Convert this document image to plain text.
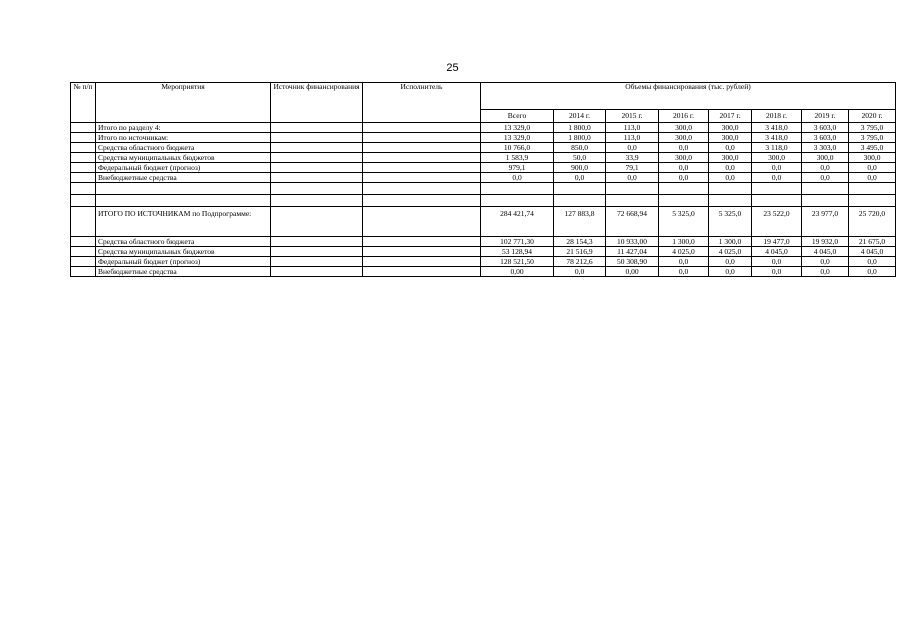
25
№ п/п	Мероприятия	Источник финансирования	Исполнитель	Объемы финансирования (тыс. рублей)							
				Всего	2014 г.	2015 г.	2016 г.	2017 г.	2018 г.	2019 г.	2020 г.
	Итого по разделу 4:			13 329,0	1 800,0	113,0	300,0	300,0	3 418,0	3 603,0	3 795,0
	Итого по источникам:			13 329,0	1 800,0	113,0	300,0	300,0	3 418,0	3 603,0	3 795,0
	Средства областного бюджета			10 766,0	850,0	0,0	0,0	0,0	3 118,0	3 303,0	3 495,0
	Средства муниципальных бюджетов			1 583,9	50,0	33,9	300,0	300,0	300,0	300,0	300,0
	Федеральный бюджет (прогноз)			979,1	900,0	79,1	0,0	0,0	0,0	0,0	0,0
	Внебюджетные средства			0,0	0,0	0,0	0,0	0,0	0,0	0,0	0,0

	ИТОГО ПО ИСТОЧНИКАМ по Подпрограмме:			284 421,74	127 883,8	72 668,94	5 325,0	5 325,0	23 522,0	23 977,0	25 720,0
	Средства областного бюджета			102 771,30	28 154,3	10 933,00	1 300,0	1 300,0	19 477,0	19 932,0	21 675,0
	Средства муниципальных бюджетов			53 128,94	21 516,9	11 427,04	4 025,0	4 025,0	4 045,0	4 045,0	4 045,0
	Федеральный бюджет (прогноз)			128 521,50	78 212,6	50 308,90	0,0	0,0	0,0	0,0	0,0
	Внебюджетные средства			0,00	0,0	0,00	0,0	0,0	0,0	0,0	0,0
